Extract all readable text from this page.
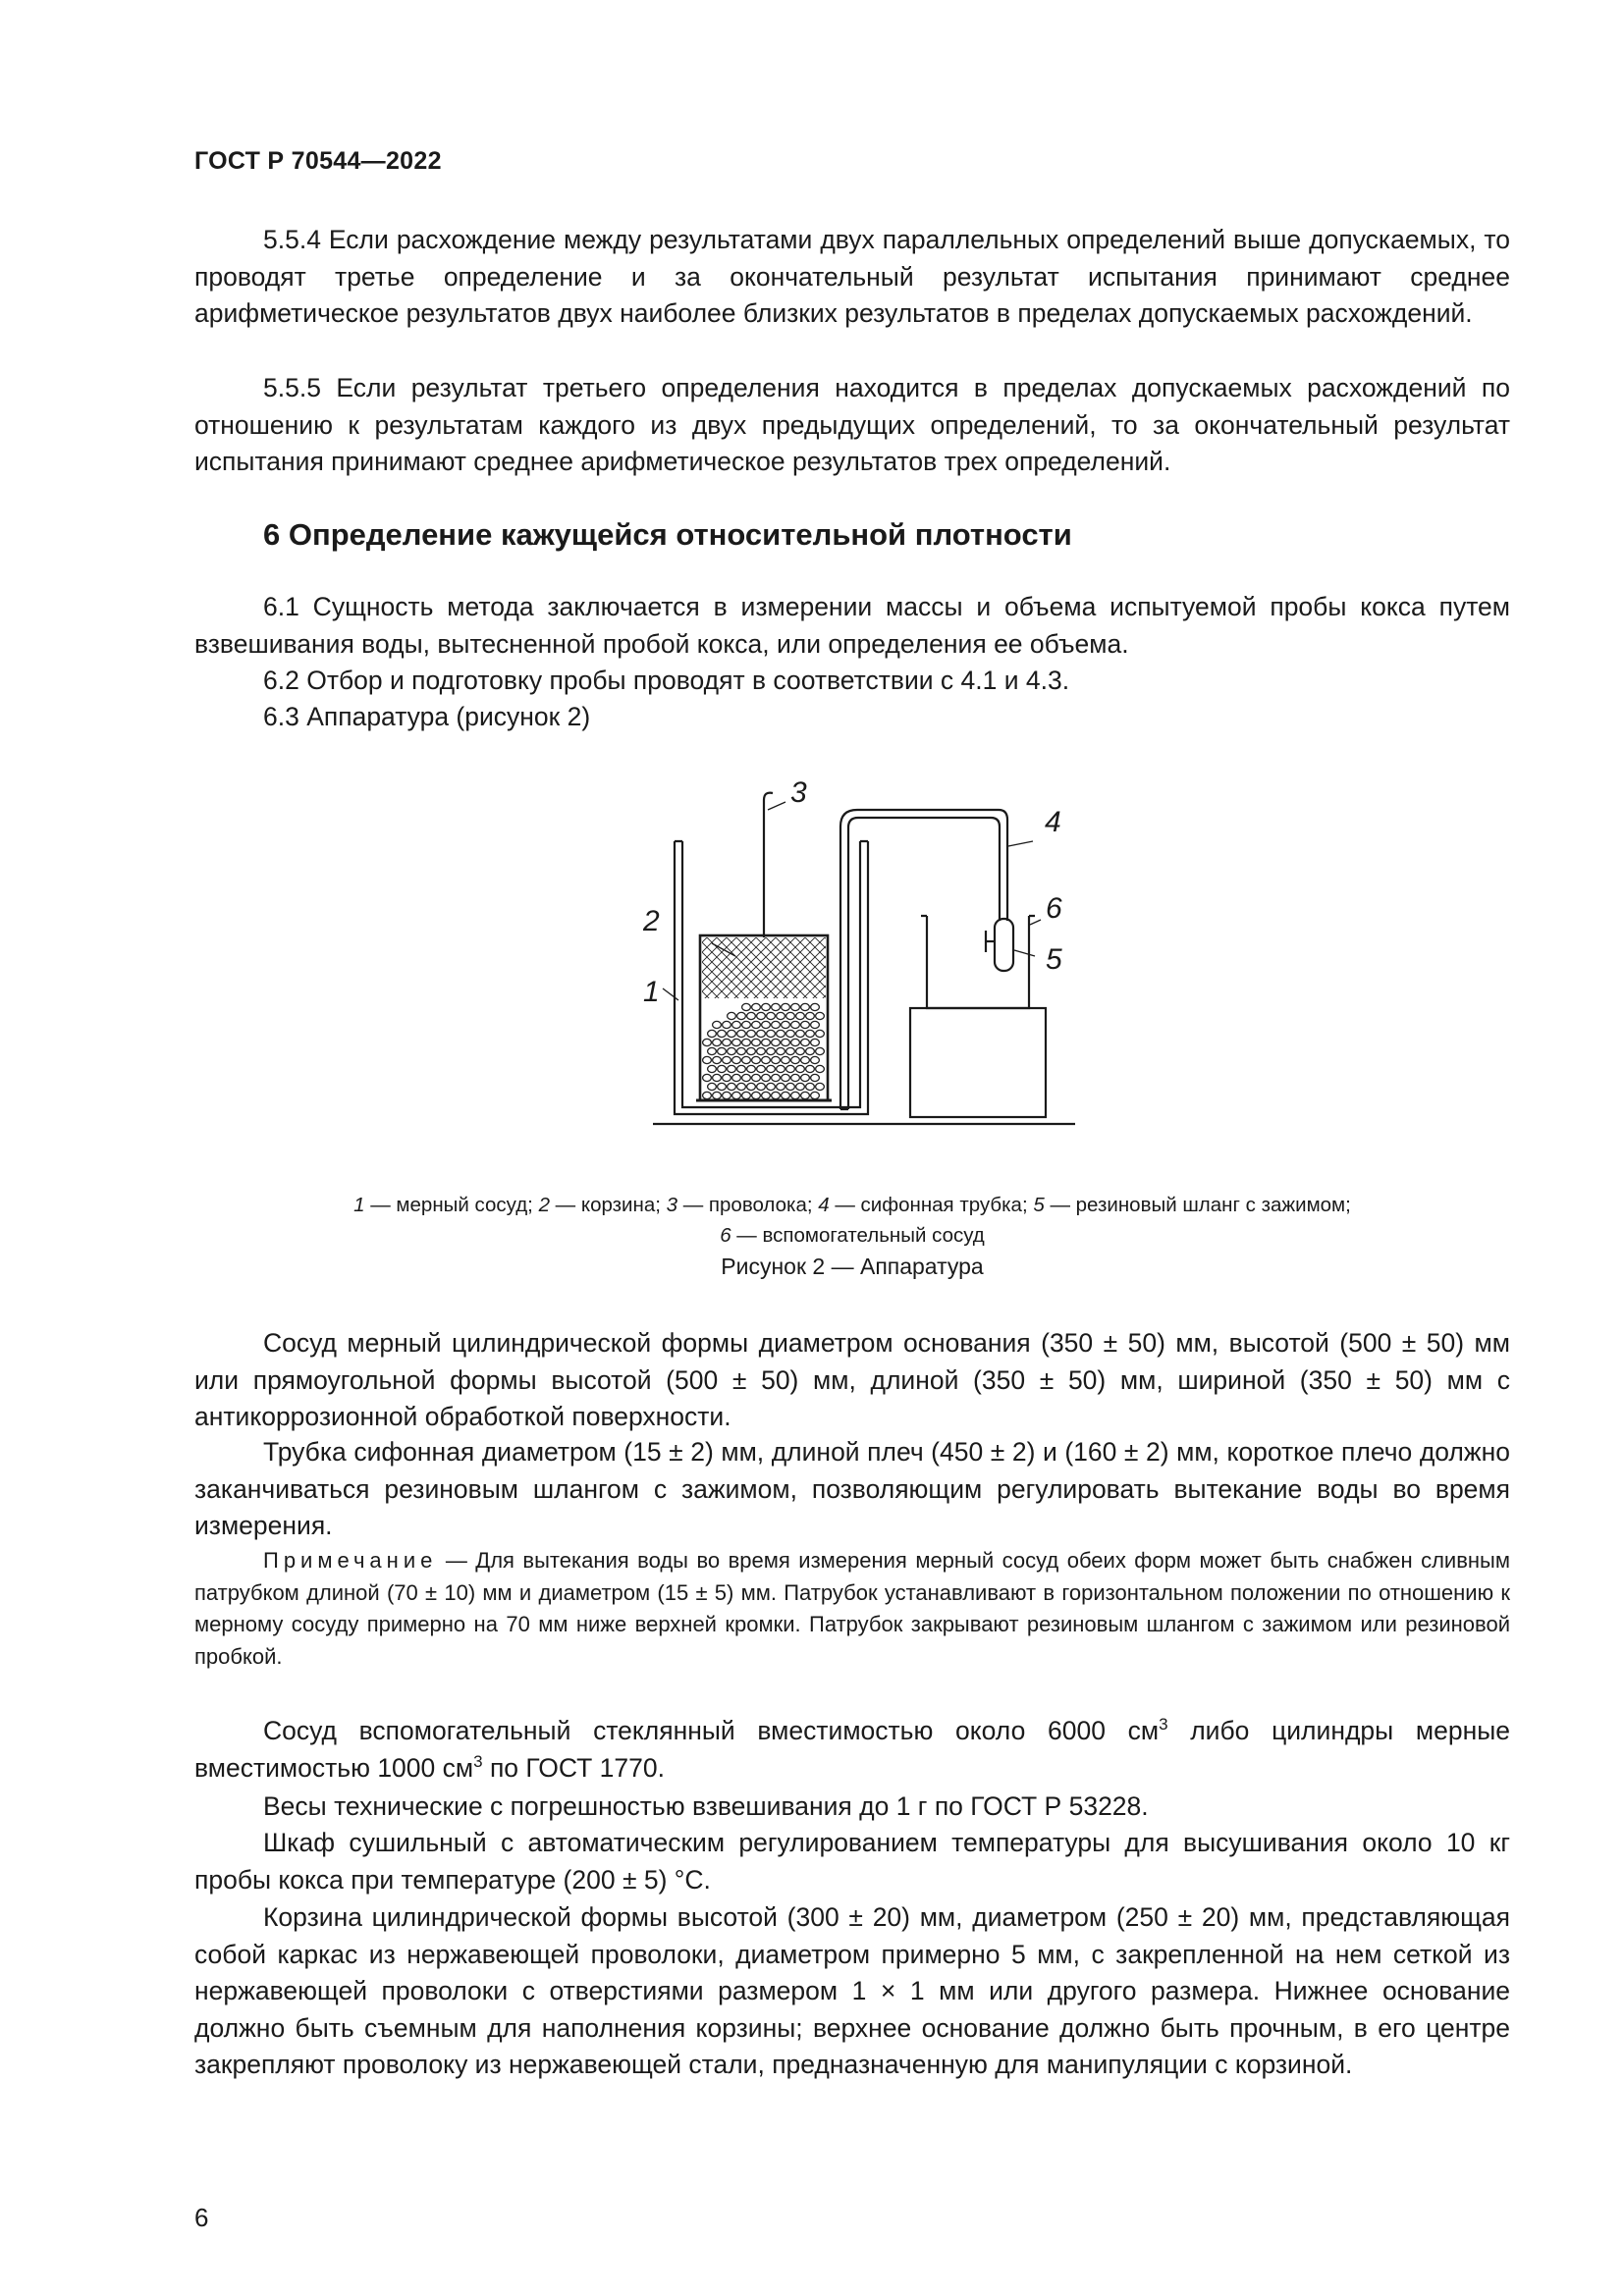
ГОСТ Р 70544—2022

5.5.4 Если расхождение между результатами двух параллельных определений выше допускаемых, то проводят третье определение и за окончательный результат испытания принимают среднее арифметическое результатов двух наиболее близких результатов в пределах допускаемых расхождений.

5.5.5 Если результат третьего определения находится в пределах допускаемых расхождений по отношению к результатам каждого из двух предыдущих определений, то за окончательный результат испытания принимают среднее арифметическое результатов трех определений.

6 Определение кажущейся относительной плотности

6.1 Сущность метода заключается в измерении массы и объема испытуемой пробы кокса путем взвешивания воды, вытесненной пробой кокса, или определения ее объема.

6.2 Отбор и подготовку пробы проводят в соответствии с 4.1 и 4.3.

6.3 Аппаратура (рисунок 2)

1
2
3
4
5
6
1 — мерный сосуд; 2 — корзина; 3 — проволока; 4 — сифонная трубка; 5 — резиновый шланг с зажимом;
6 — вспомогательный сосуд
Рисунок 2 — Аппаратура

Сосуд мерный цилиндрической формы диаметром основания (350 ± 50) мм, высотой (500 ± 50) мм или прямоугольной формы высотой (500 ± 50) мм, длиной (350 ± 50) мм, шириной (350 ± 50) мм с антикоррозионной обработкой поверхности.

Трубка сифонная диаметром (15 ± 2) мм, длиной плеч (450 ± 2) и (160 ± 2) мм, короткое плечо должно заканчиваться резиновым шлангом с зажимом, позволяющим регулировать вытекание воды во время измерения.

Примечание — Для вытекания воды во время измерения мерный сосуд обеих форм может быть снабжен сливным патрубком длиной (70 ± 10) мм и диаметром (15 ± 5) мм. Патрубок устанавливают в горизонтальном положении по отношению к мерному сосуду примерно на 70 мм ниже верхней кромки. Патрубок закрывают резиновым шлангом с зажимом или резиновой пробкой.

Сосуд вспомогательный стеклянный вместимостью около 6000 $см^3$ либо цилиндры мерные вместимостью 1000 $см^3$ по ГОСТ 1770.

Весы технические с погрешностью взвешивания до 1 г по ГОСТ Р 53228.

Шкаф сушильный с автоматическим регулированием температуры для высушивания около 10 кг пробы кокса при температуре (200 ± 5) °С.

Корзина цилиндрической формы высотой (300 ± 20) мм, диаметром (250 ± 20) мм, представляющая собой каркас из нержавеющей проволоки, диаметром примерно 5 мм, с закрепленной на нем сеткой из нержавеющей проволоки с отверстиями размером 1 × 1 мм или другого размера. Нижнее основание должно быть съемным для наполнения корзины; верхнее основание должно быть прочным, в его центре закрепляют проволоку из нержавеющей стали, предназначенную для манипуляции с корзиной.

6
